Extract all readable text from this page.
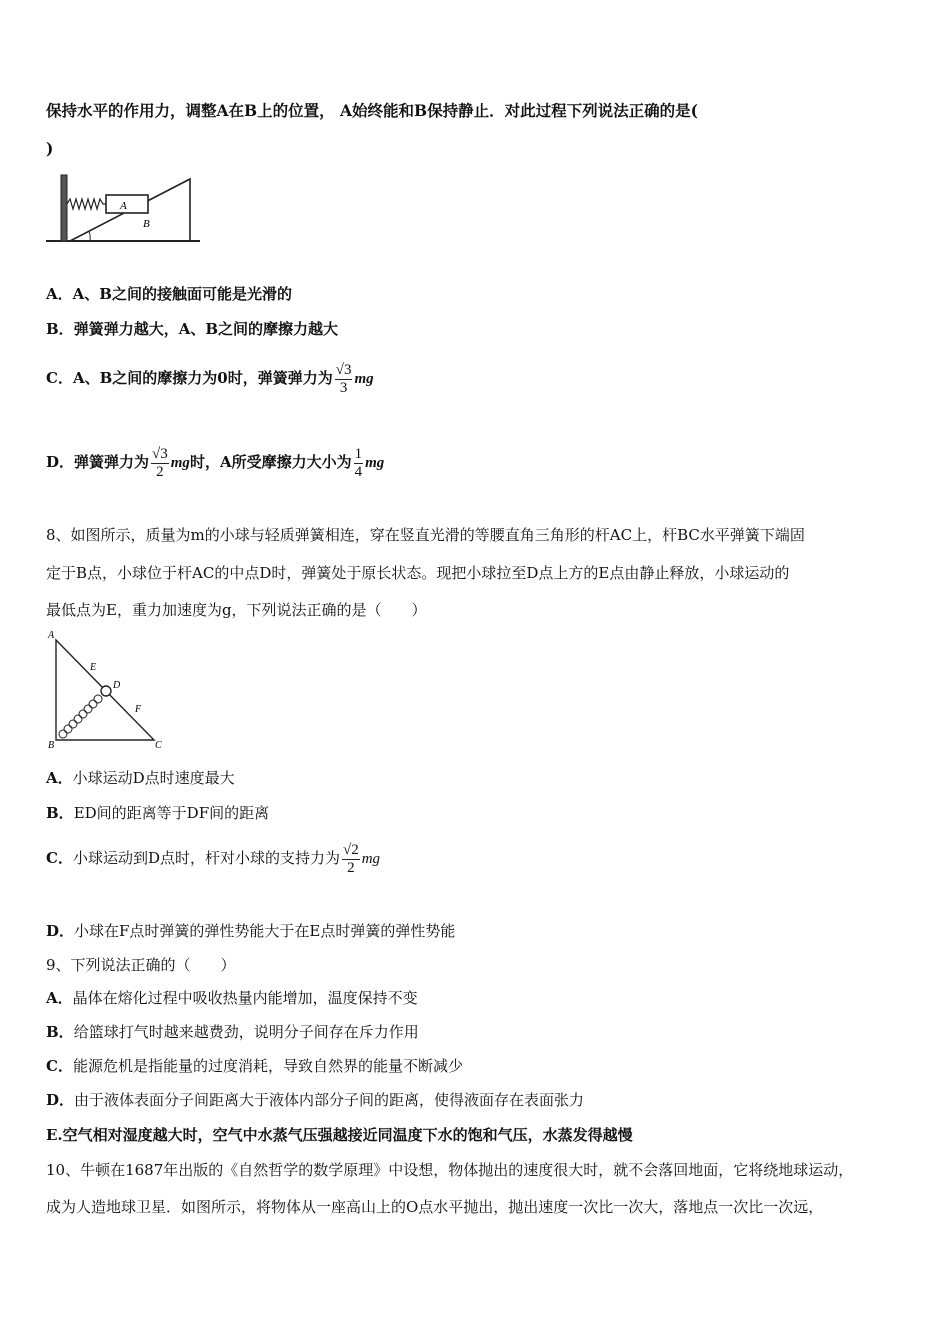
保持水平的作用力，调整A在B上的位置， A始终能和B保持静止．对此过程下列说法正确的是(
)
A
B
A．A、B之间的接触面可能是光滑的
B．弹簧弹力越大，A、B之间的摩擦力越大
C．A、B之间的摩擦力为0时，弹簧弹力为 $\frac{√3}{3}$ mg
D．弹簧弹力为 $\frac{√3}{2}$ mg时，A所受摩擦力大小为 $\frac{1}{4}$ mg
8、如图所示，质量为m的小球与轻质弹簧相连，穿在竖直光滑的等腰直角三角形的杆AC上，杆BC水平弹簧下端固
定于B点，小球位于杆AC的中点D时，弹簧处于原长状态。现把小球拉至D点上方的E点由静止释放，小球运动的
最低点为E，重力加速度为g，下列说法正确的是（　　）
A
B	C
D
E
F
A．小球运动D点时速度最大
B．ED间的距离等于DF间的距离
C．小球运动到D点时，杆对小球的支持力为 $\frac{√2}{2}$ mg
D．小球在F点时弹簧的弹性势能大于在E点时弹簧的弹性势能
9、下列说法正确的（　　）
A．晶体在熔化过程中吸收热量内能增加，温度保持不变
B．给篮球打气时越来越费劲，说明分子间存在斥力作用
C．能源危机是指能量的过度消耗，导致自然界的能量不断减少
D．由于液体表面分子间距离大于液体内部分子间的距离，使得液面存在表面张力
E.空气相对湿度越大时，空气中水蒸气压强越接近同温度下水的饱和气压，水蒸发得越慢
10、牛顿在1687年出版的《自然哲学的数学原理》中设想，物体抛出的速度很大时，就不会落回地面，它将绕地球运动，
成为人造地球卫星．如图所示，将物体从一座高山上的O点水平抛出，抛出速度一次比一次大，落地点一次比一次远，
